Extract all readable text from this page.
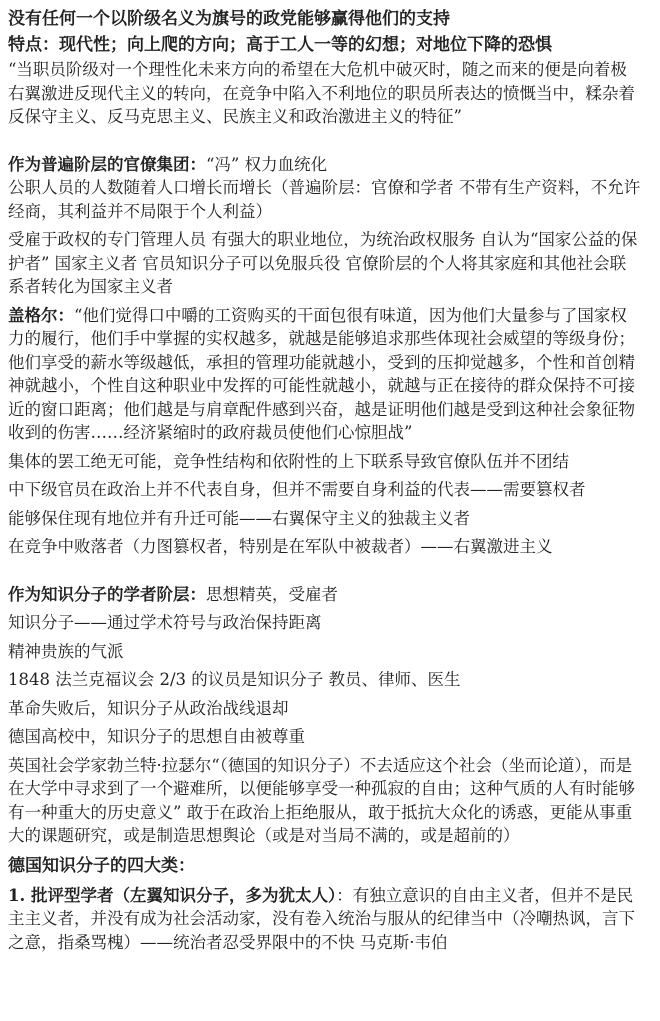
没有任何一个以阶级名义为旗号的政党能够赢得他们的支持

特点：现代性；向上爬的方向；高于工人一等的幻想；对地位下降的恐惧

“当职员阶级对一个理性化未来方向的希望在大危机中破灭时，随之而来的便是向着极右翼激进反现代主义的转向，在竞争中陷入不利地位的职员所表达的愤慨当中，糅杂着反保守主义、反马克思主义、民族主义和政治激进主义的特征”

作为普遍阶层的官僚集团：“冯” 权力血统化

公职人员的人数随着人口增长而增长（普遍阶层：官僚和学者 不带有生产资料，不允许经商，其利益并不局限于个人利益）

受雇于政权的专门管理人员 有强大的职业地位，为统治政权服务 自认为“国家公益的保护者” 国家主义者 官员知识分子可以免服兵役 官僚阶层的个人将其家庭和其他社会联系者转化为国家主义者

盖格尔：“他们觉得口中嚼的工资购买的干面包很有味道，因为他们大量参与了国家权力的履行，他们手中掌握的实权越多，就越是能够追求那些体现社会威望的等级身份；他们享受的薪水等级越低，承担的管理功能就越小，受到的压抑觉越多，个性和首创精神就越小，个性自这种职业中发挥的可能性就越小，就越与正在接待的群众保持不可接近的窗口距离；他们越是与肩章配件感到兴奋，越是证明他们越是受到这种社会象征物收到的伤害……经济紧缩时的政府裁员使他们心惊胆战”

集体的罢工绝无可能，竞争性结构和依附性的上下联系导致官僚队伍并不团结

中下级官员在政治上并不代表自身，但并不需要自身利益的代表——需要篡权者

能够保住现有地位并有升迁可能——右翼保守主义的独裁主义者

在竞争中败落者（力图篡权者，特别是在军队中被裁者）——右翼激进主义

作为知识分子的学者阶层：思想精英，受雇者

知识分子——通过学术符号与政治保持距离

精神贵族的气派

1848 法兰克福议会 2/3 的议员是知识分子 教员、律师、医生

革命失败后，知识分子从政治战线退却

德国高校中，知识分子的思想自由被尊重

英国社会学家勃兰特·拉瑟尔“（德国的知识分子）不去适应这个社会（坐而论道），而是在大学中寻求到了一个避难所，以便能够享受一种孤寂的自由；这种气质的人有时能够有一种重大的历史意义” 敢于在政治上拒绝服从，敢于抵抗大众化的诱惑，更能从事重大的课题研究，或是制造思想舆论（或是对当局不满的，或是超前的）

德国知识分子的四大类：

1. 批评型学者（左翼知识分子，多为犹太人）：有独立意识的自由主义者，但并不是民主主义者，并没有成为社会活动家，没有卷入统治与服从的纪律当中（冷嘲热讽，言下之意，指桑骂槐）——统治者忍受界限中的不快 马克斯·韦伯
